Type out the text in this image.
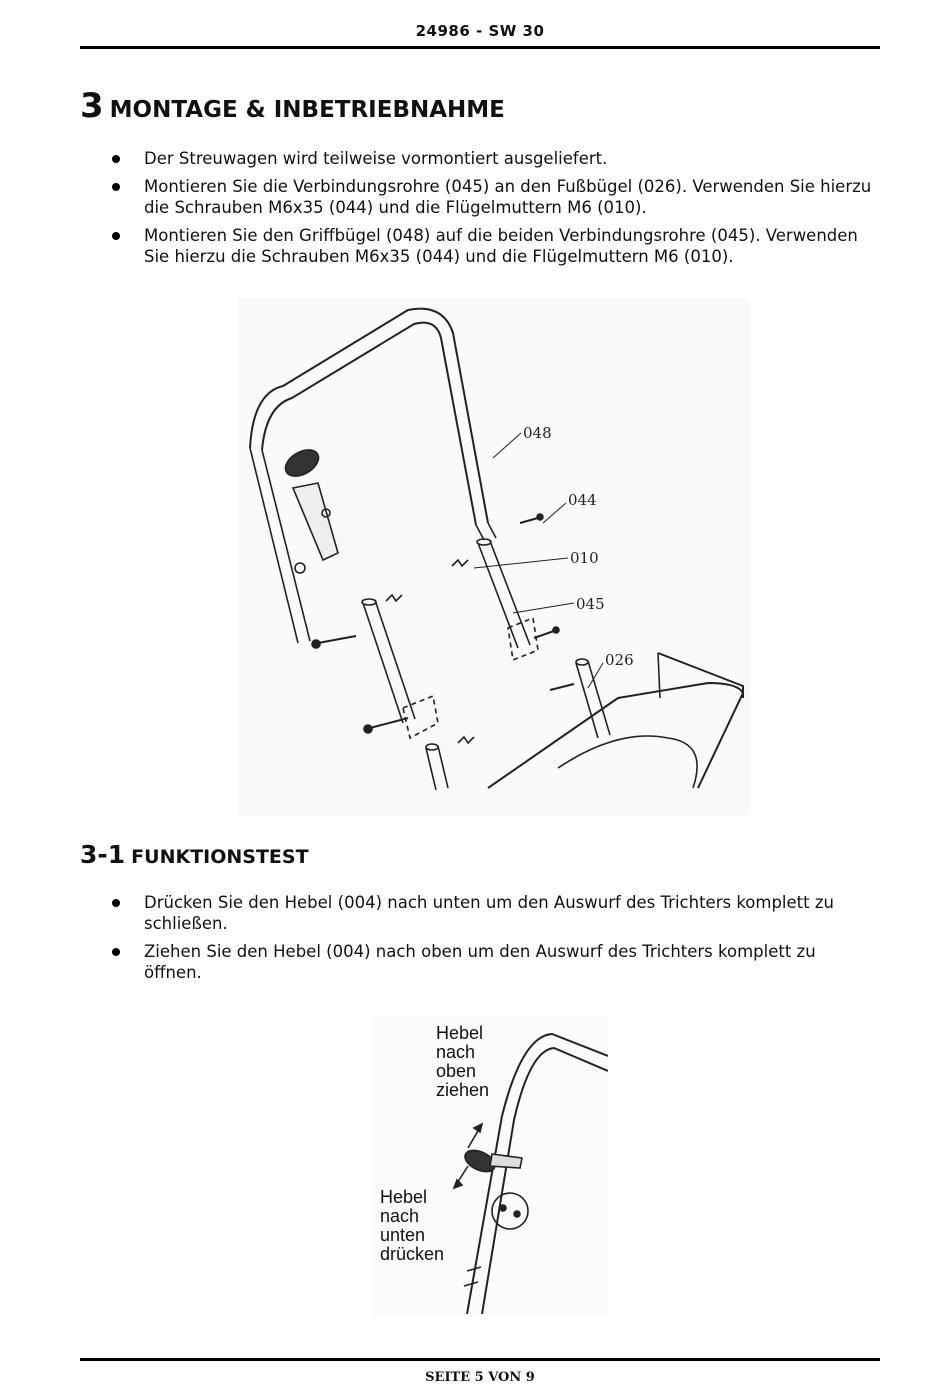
24986 - SW 30
3 MONTAGE & INBETRIEBNAHME
Der Streuwagen wird teilweise vormontiert ausgeliefert.
Montieren Sie die Verbindungsrohre (045) an den Fußbügel (026). Verwenden Sie hierzu die Schrauben M6x35 (044) und die Flügelmuttern M6 (010).
Montieren Sie den Griffbügel (048) auf die beiden Verbindungsrohre (045). Verwenden Sie hierzu die Schrauben M6x35 (044) und die Flügelmuttern M6 (010).
048
044
010
045
026
3-1 FUNKTIONSTEST
Drücken Sie den Hebel (004) nach unten um den Auswurf des Trichters komplett zu schließen.
Ziehen Sie den Hebel (004) nach oben um den Auswurf des Trichters komplett zu öffnen.
Hebel
nach
oben
ziehen
Hebel
nach
unten
drücken
SEITE 5 VON 9
